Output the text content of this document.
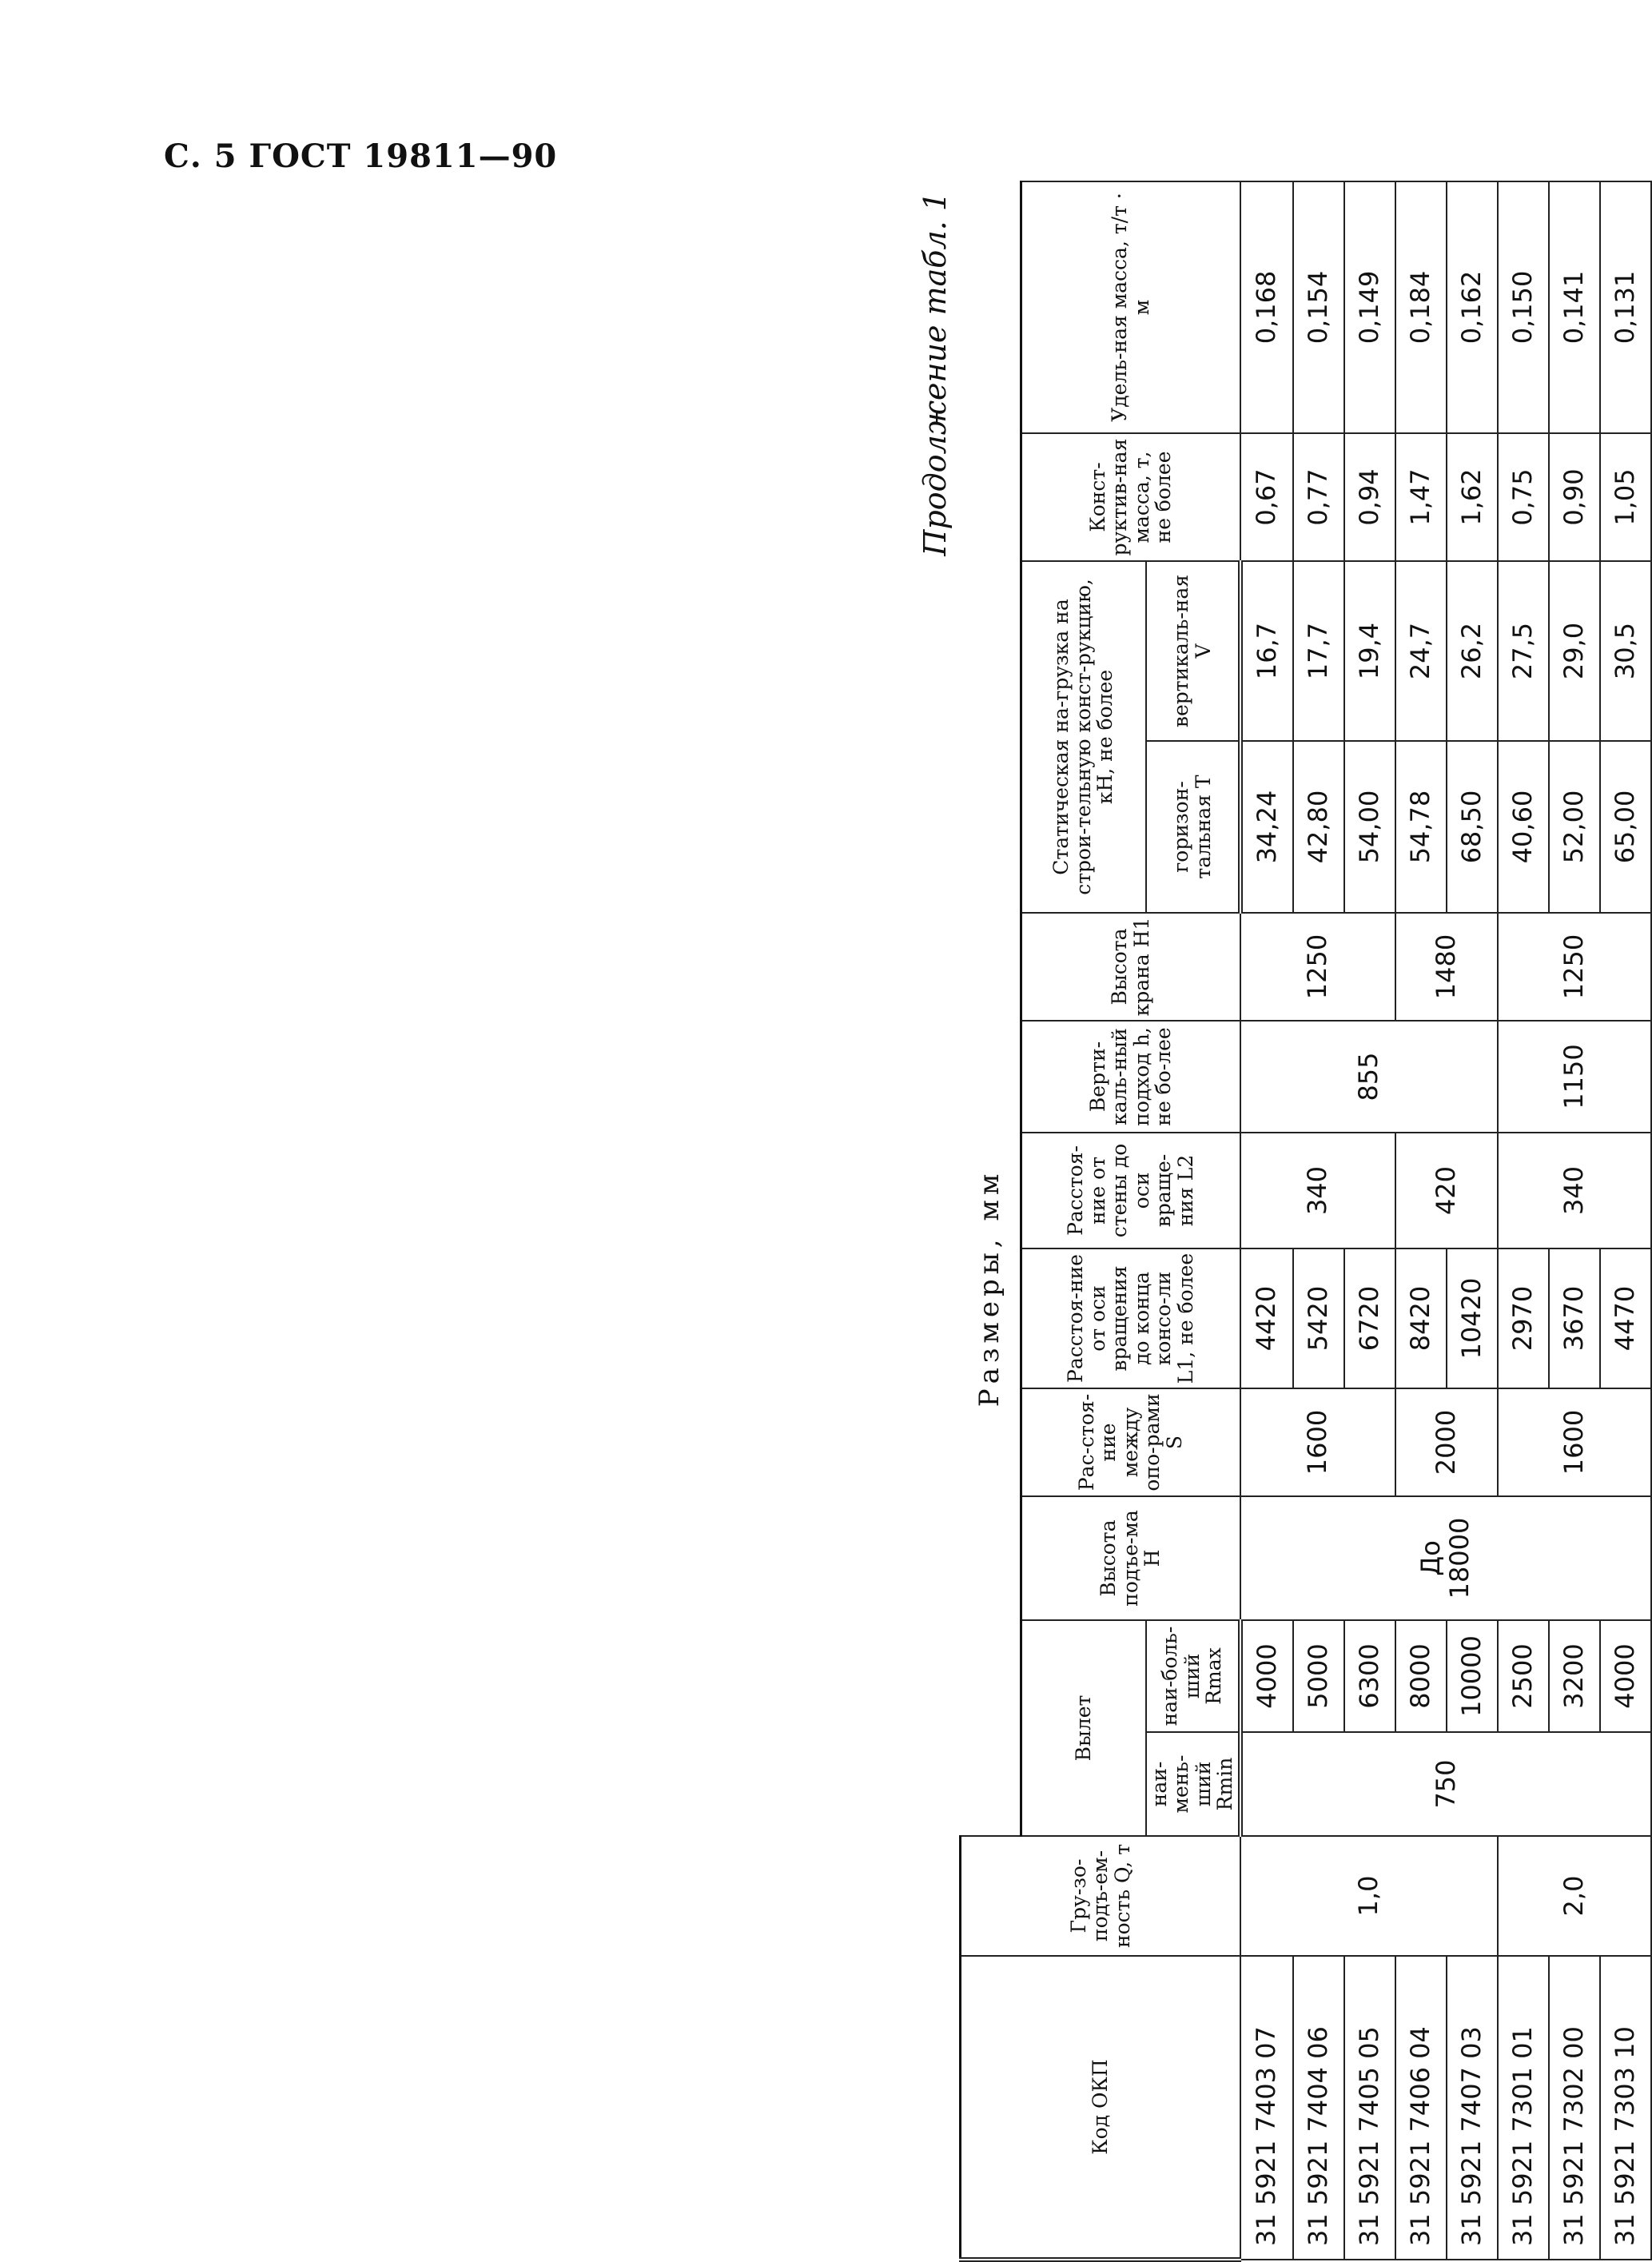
С. 5 ГОСТ 19811—90
Продолжение табл. 1
Код ОКП	Гру-зо-подъ-ем-ность Q, т	Размеры, мм										
		Вылет		Высота подъе-ма H	Рас-стоя-ние между опо-рами S	Расстоя-ние от оси вращения до конца консо-ли L1, не более	Расстоя-ние от стены до оси враще-ния L2	Верти-каль-ный подход h, не бо-лее	Высота крана H1	Статическая на-грузка на строи-тельную конст-рукцию, кН, не более		Конст-руктив-ная масса, т, не более	Удель-ная масса, т/т · м
		наи-мень-ший Rmin	наи-боль-ший Rmax							горизон-тальная T	вертикаль-ная V		
31 5921 7403 07	1,0	750	4000	До 18000	1600	4420	340	855	1250	34,24	16,7	0,67	0,168
31 5921 7404 06			5000			5420				42,80	17,7	0,77	0,154
31 5921 7405 05			6300			6720				54,00	19,4	0,94	0,149
31 5921 7406 04			8000		2000	8420	420		1480	54,78	24,7	1,47	0,184
31 5921 7407 03			10000			10420				68,50	26,2	1,62	0,162
31 5921 7301 01	2,0		2500		1600	2970	340	1150	1250	40,60	27,5	0,75	0,150
31 5921 7302 00			3200			3670				52,00	29,0	0,90	0,141
31 5921 7303 10			4000			4470				65,00	30,5	1,05	0,131
